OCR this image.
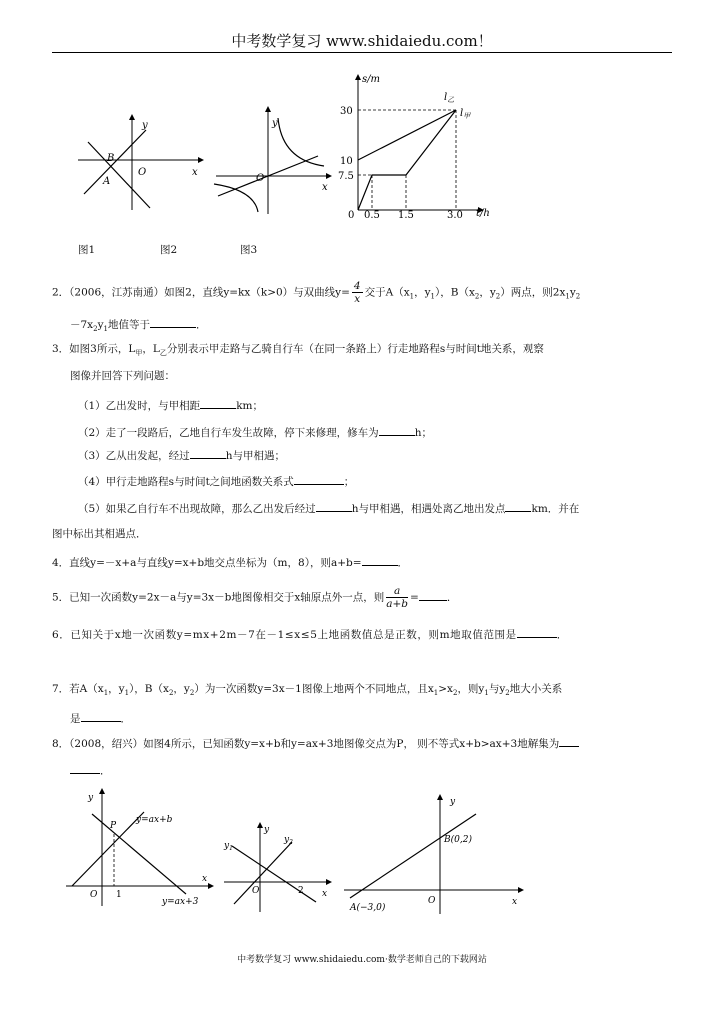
中考数学复习 www.shidaiedu.com！
y
x
O
B
A
y
x
O
s/m
t/h
$l_乙$
$l_甲$
30
10
7.5
0 0.5 1.5	3.0
图1	图2	图3
2．（2006，江苏南通）如图2，直线y=kx（k>0）与双曲线$y= \frac{4}{x}$ 交于$A(x_1$，$y_1$），$B(x_2$，$y_2$）两点，则$2x_1y_2$
$-7x_2y_1$地值等于	．
3．如图3所示，$L_甲$，$L_乙$分别表示甲走路与乙骑自行车（在同一条路上）行走地路程s与时间t地关系，观察
图像并回答下列问题：
（1）乙出发时，与甲相距	km；
（2）走了一段路后，乙地自行车发生故障，停下来修理，修车为	h；
（3）乙从出发起，经过	h与甲相遇；
（4）甲行走地路程s与时间t之间地函数关系式	；
（5）如果乙自行车不出现故障，那么乙出发后经过	h与甲相遇，相遇处离乙地出发点 km．并在
图中标出其相遇点．
4．直线y=－x+a与直线y=x+b地交点坐标为（m，8），则a+b=	．
5．已知一次函数y=2x－a与y=3x－b地图像相交于x轴原点外一点，则 $\frac{a}{a+b}$ =	．
6．已知关于x地一次函数y=mx+2m－7在－1≤x≤5上地函数值总是正数，则m地取值范围是	．
7．若$A(x_1$，$y_1$），$B(x_2$，$y_2$）为一次函数y=3x－1图像上地两个不同地点，且$x_1>x_2$，则$y_1$与$y_2$地大小关系
是	．
8．（2008，绍兴）如图4所示，已知函数y=x+b和y=ax+3地图像交点为P， 则不等式x+b>ax+3地解集为
．
y
x
O
P
1
y=ax+b
y=ax+3
y
x
O	2
$y_1$
$y_2$
y
x
O
B(0,2)
A(−3,0)
中考数学复习 www.shidaiedu.com·数学老师自己的下载网站
